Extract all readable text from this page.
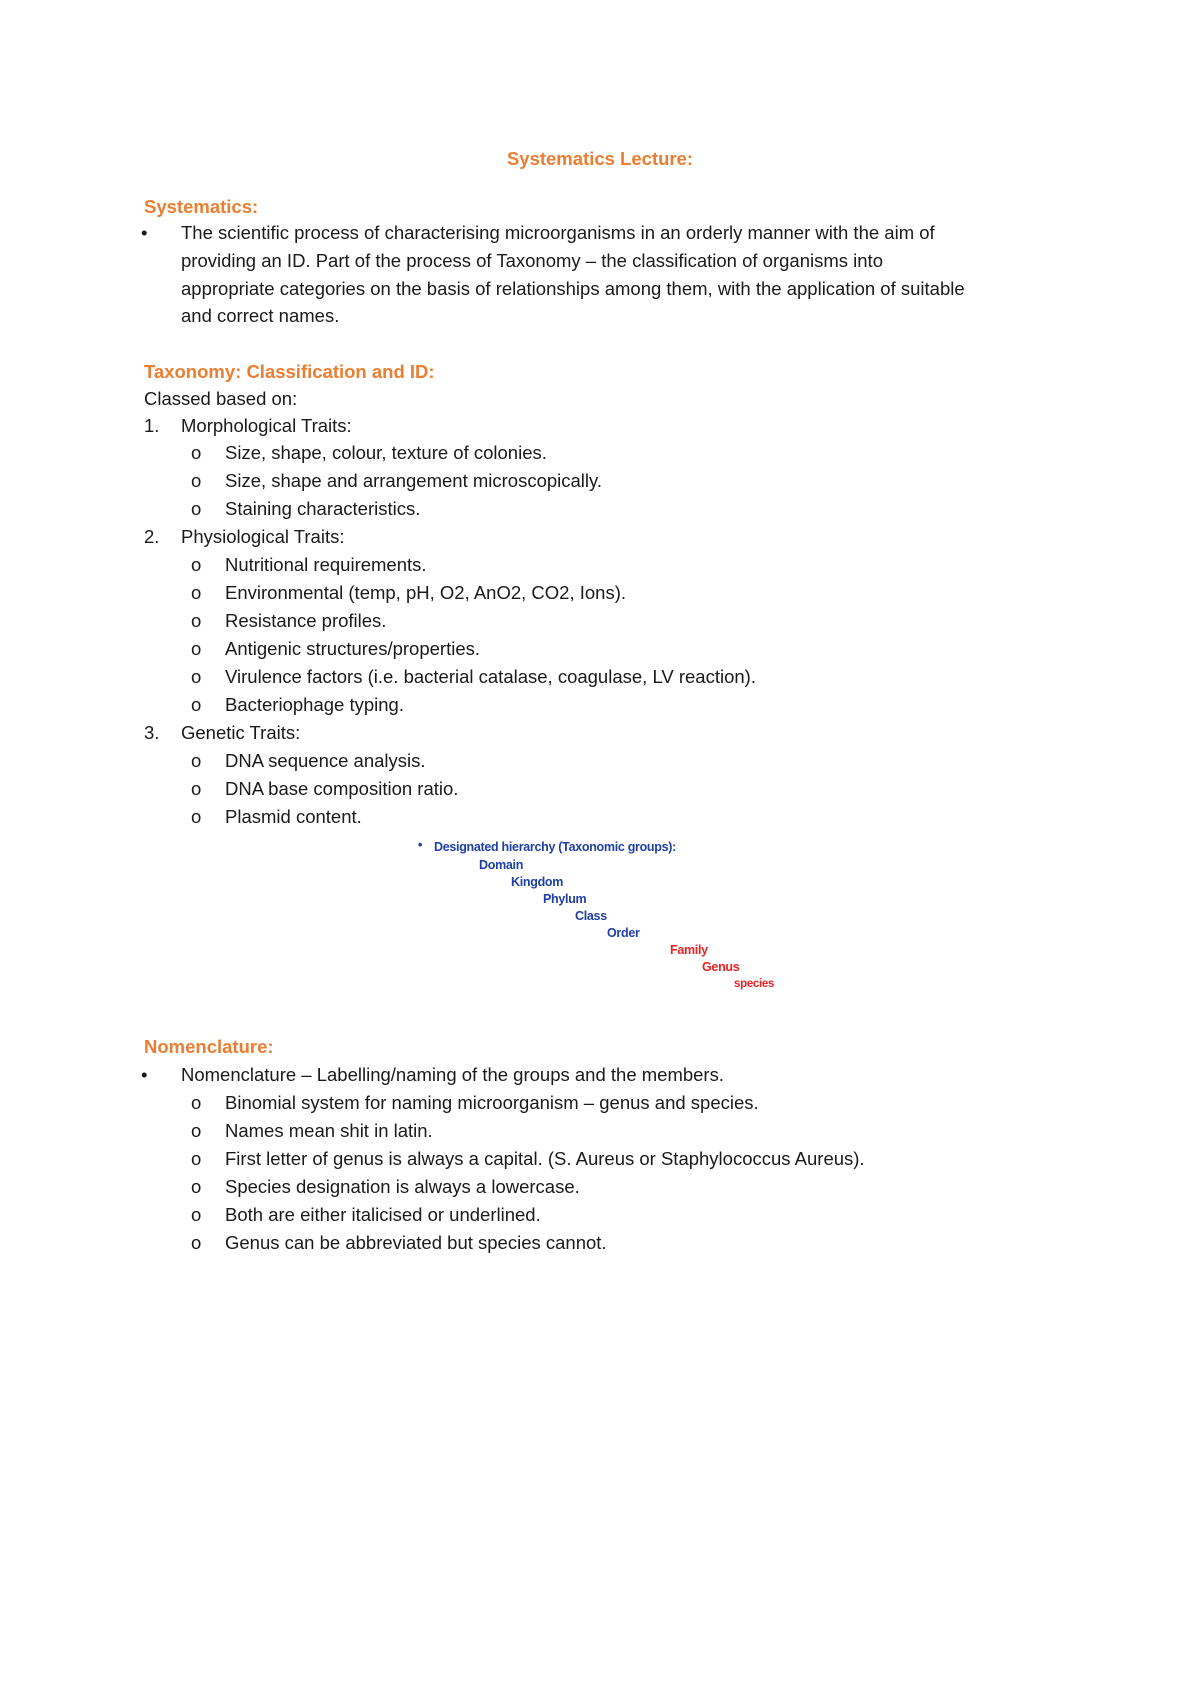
Systematics Lecture:
Systematics:
• The scientific process of characterising microorganisms in an orderly manner with the aim of
providing an ID. Part of the process of Taxonomy – the classification of organisms into
appropriate categories on the basis of relationships among them, with the application of suitable
and correct names.
Taxonomy: Classification and ID:
Classed based on:
1. Morphological Traits:
o Size, shape, colour, texture of colonies.
o Size, shape and arrangement microscopically.
o Staining characteristics.
2. Physiological Traits:
o Nutritional requirements.
o Environmental (temp, pH, O2, AnO2, CO2, Ions).
o Resistance profiles.
o Antigenic structures/properties.
o Virulence factors (i.e. bacterial catalase, coagulase, LV reaction).
o Bacteriophage typing.
3. Genetic Traits:
o DNA sequence analysis.
o DNA base composition ratio.
o Plasmid content.
• Designated hierarchy (Taxonomic groups):
Domain
Kingdom
Phylum
Class
Order
Family
Genus
species
Nomenclature:
• Nomenclature – Labelling/naming of the groups and the members.
o Binomial system for naming microorganism – genus and species.
o Names mean shit in latin.
o First letter of genus is always a capital. (S. Aureus or Staphylococcus Aureus).
o Species designation is always a lowercase.
o Both are either italicised or underlined.
o Genus can be abbreviated but species cannot.
